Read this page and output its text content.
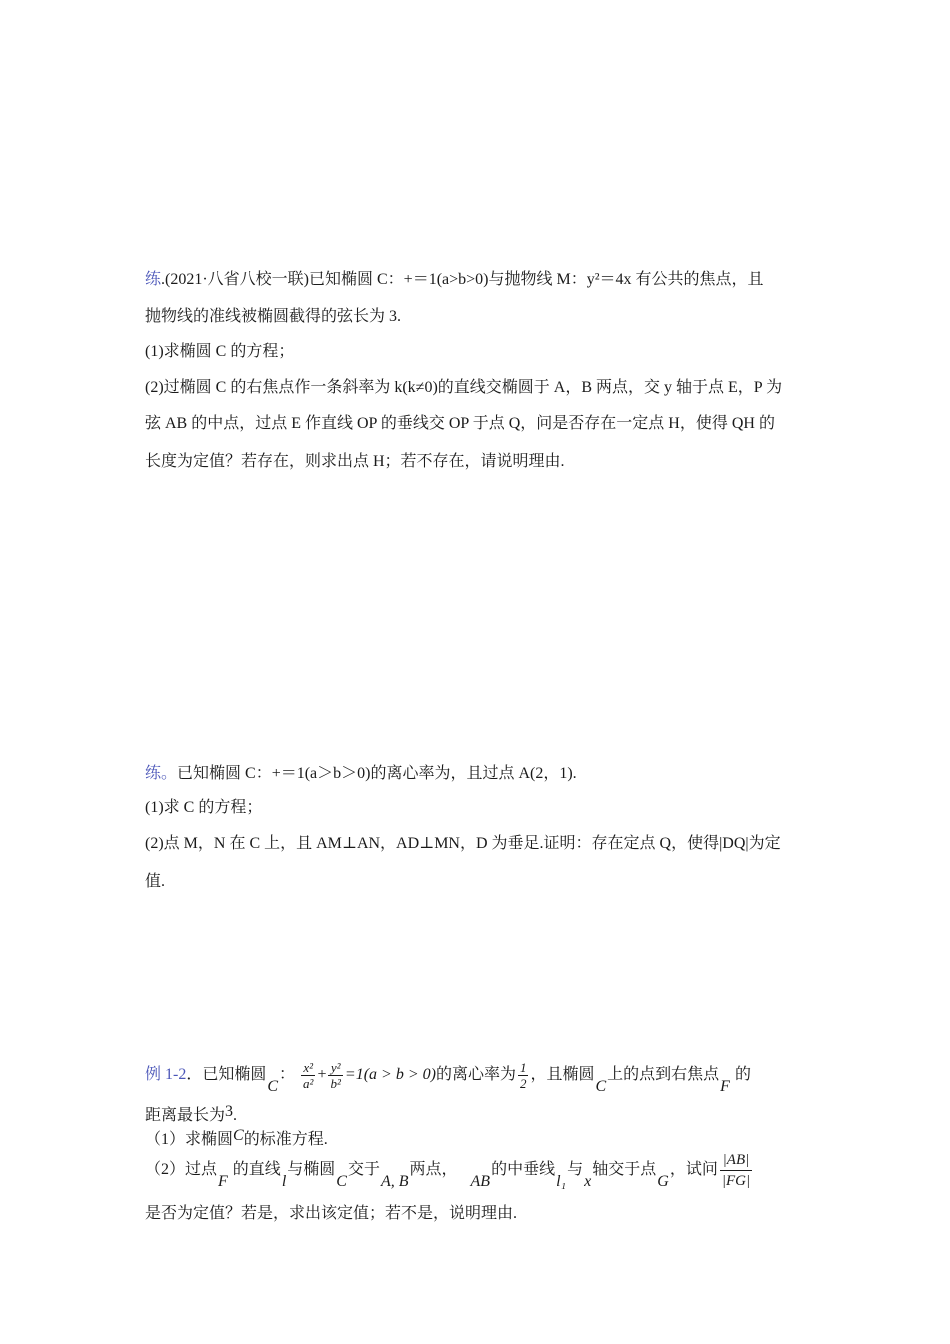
练.(2021·八省八校一联)已知椭圆 C：+＝1(a>b>0)与抛物线 M：y²＝4x 有公共的焦点，且
抛物线的准线被椭圆截得的弦长为 3.
(1)求椭圆 C 的方程；
(2)过椭圆 C 的右焦点作一条斜率为 k(k≠0)的直线交椭圆于 A，B 两点，交 y 轴于点 E，P 为
弦 AB 的中点，过点 E 作直线 OP 的垂线交 OP 于点 Q，问是否存在一定点 H，使得 QH 的
长度为定值？若存在，则求出点 H；若不存在，请说明理由.
练。已知椭圆 C：+＝1(a＞b＞0)的离心率为，且过点 A(2，1).
(1)求 C 的方程；
(2)点 M，N 在 C 上，且 AM⊥AN，AD⊥MN，D 为垂足.证明：存在定点 Q，使得|DQ|为定
值.
例 1-2．已知椭圆C： $\frac{\text{x²}}{\text{a²}} + \frac{\text{y²}}{\text{b²}} =1(a > b > 0)$的离心率为 $\frac{1}{2}$ ，且椭圆C上的点到右焦点F 的
距离最长为3.
（1）求椭圆C的标准方程.
（2）过点F 的直线l与椭圆C交于A, B两点，   AB的中垂线l₁与x轴交于点G，试问 $\frac{|AB|}{|FG|}$
是否为定值？若是，求出该定值；若不是，说明理由.
